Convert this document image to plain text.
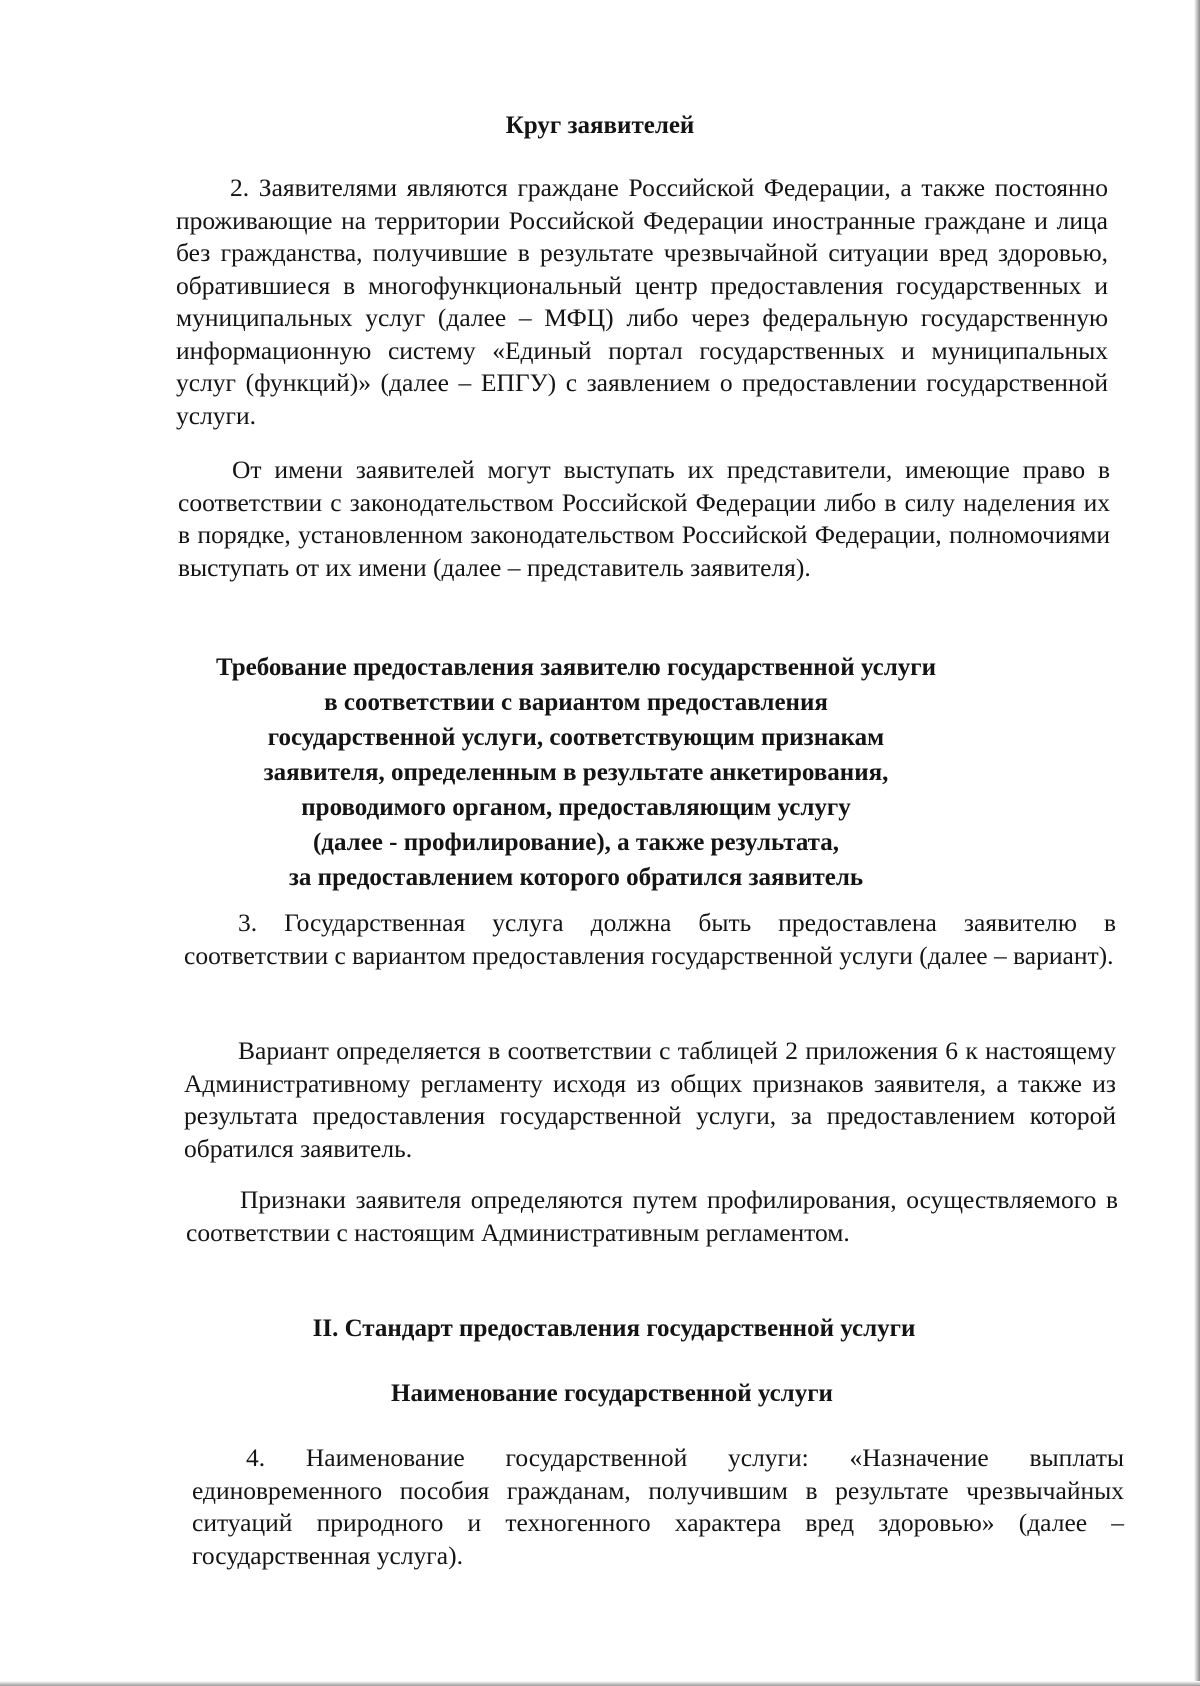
Круг заявителей

2. Заявителями являются граждане Российской Федерации, а также постоянно проживающие на территории Российской Федерации иностранные граждане и лица без гражданства, получившие в результате чрезвычайной ситуации вред здоровью, обратившиеся в многофункциональный центр предоставления государственных и муниципальных услуг (далее – МФЦ) либо через федеральную государственную информационную систему «Единый портал государственных и муниципальных услуг (функций)» (далее – ЕПГУ) с заявлением о предоставлении государственной услуги.

От имени заявителей могут выступать их представители, имеющие право в соответствии с законодательством Российской Федерации либо в силу наделения их в порядке, установленном законодательством Российской Федерации, полномочиями выступать от их имени (далее – представитель заявителя).

Требование предоставления заявителю государственной услуги
в соответствии с вариантом предоставления
государственной услуги, соответствующим признакам
заявителя, определенным в результате анкетирования,
проводимого органом, предоставляющим услугу
(далее - профилирование), а также результата,
за предоставлением которого обратился заявитель

3. Государственная услуга должна быть предоставлена заявителю в соответствии с вариантом предоставления государственной услуги (далее – вариант).

Вариант определяется в соответствии с таблицей 2 приложения 6 к настоящему Административному регламенту исходя из общих признаков заявителя, а также из результата предоставления государственной услуги, за предоставлением которой обратился заявитель.

Признаки заявителя определяются путем профилирования, осуществляемого в соответствии с настоящим Административным регламентом.

II. Стандарт предоставления государственной услуги
Наименование государственной услуги

4. Наименование государственной услуги: «Назначение выплаты единовременного пособия гражданам, получившим в результате чрезвычайных ситуаций природного и техногенного характера вред здоровью» (далее – государственная услуга).
